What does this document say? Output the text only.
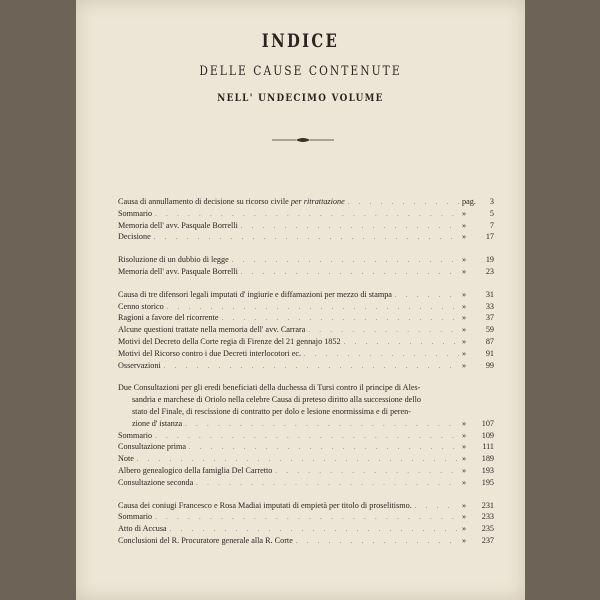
INDICE
DELLE CAUSE CONTENUTE
NELL' UNDECIMO VOLUME
Causa di annullamento di decisione su ricorso civile per ritrattazione . . .	pag.	3
Sommario . . .	»	5
Memoria dell' avv. Pasquale Borrelli . . .	»	7
Decisione . . .	»	17
Risoluzione di un dubbio di legge . . .	»	19
Memoria dell' avv. Pasquale Borrelli . . .	»	23
Causa di tre difensori legali imputati d' ingiurie e diffamazioni per mezzo di stampa . . .	»	31
Cenno storico . . .	»	33
Ragioni a favore del ricorrente . . .	»	37
Alcune questioni trattate nella memoria dell' avv. Carrara . . .	»	59
Motivi del Decreto della Corte regia di Firenze del 21 gennajo 1852 . . .	»	87
Motivi del Ricorso contro i due Decreti interlocotori ec. . . .	»	91
Osservazioni . . .	»	99
Due Consultazioni per gli eredi beneficiati della duchessa di Tursi contro il principe di Ales-
sandria e marchese di Oriolo nella celebre Causa di preteso diritto alla successione dello
stato del Finale, di rescissione di contratto per dolo e lesione enormissima e di peren-
zione d' istanza . . .	»	107
Sommario . . .	»	109
Consultazione prima . . .	»	111
Note . . .	»	189
Albero genealogico della famiglia Del Carretto . . .	»	193
Consultazione seconda . . .	»	195
Causa dei coniugi Francesco e Rosa Madiai imputati di empietà per titolo di proselitismo. . . .	»	231
Sommario . . .	»	233
Atto di Accusa . . .	»	235
Conclusioni del R. Procuratore generale alla R. Corte . . .	»	237
